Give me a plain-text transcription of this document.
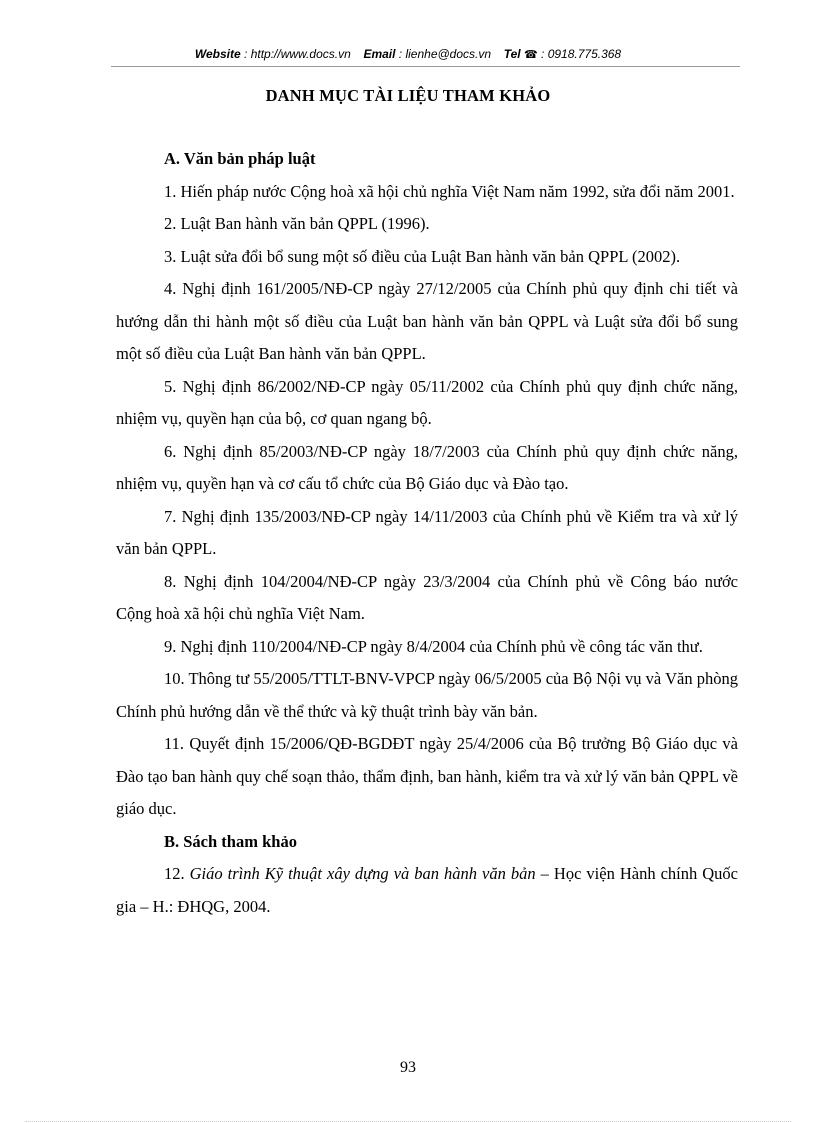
Website : http://www.docs.vn Email : lienhe@docs.vn Tel ☎ : 0918.775.368
DANH MỤC TÀI LIỆU THAM KHẢO
A. Văn bản pháp luật

1. Hiến pháp nước Cộng hoà xã hội chủ nghĩa Việt Nam năm 1992, sửa đổi năm 2001.

2. Luật Ban hành văn bản QPPL (1996).

3. Luật sửa đổi bổ sung một số điều của Luật Ban hành văn bản QPPL (2002).

4. Nghị định 161/2005/NĐ-CP ngày 27/12/2005 của Chính phủ quy định chi tiết và hướng dẫn thi hành một số điều của Luật ban hành văn bản QPPL và Luật sửa đổi bổ sung một số điều của Luật Ban hành văn bản QPPL.

5. Nghị định 86/2002/NĐ-CP ngày 05/11/2002 của Chính phủ quy định chức năng, nhiệm vụ, quyền hạn của bộ, cơ quan ngang bộ.

6. Nghị định 85/2003/NĐ-CP ngày 18/7/2003 của Chính phủ quy định chức năng, nhiệm vụ, quyền hạn và cơ cấu tổ chức của Bộ Giáo dục và Đào tạo.

7. Nghị định 135/2003/NĐ-CP ngày 14/11/2003 của Chính phủ về Kiểm tra và xử lý văn bản QPPL.

8. Nghị định 104/2004/NĐ-CP ngày 23/3/2004 của Chính phủ về Công báo nước Cộng hoà xã hội chủ nghĩa Việt Nam.

9. Nghị định 110/2004/NĐ-CP ngày 8/4/2004 của Chính phủ về công tác văn thư.

10. Thông tư 55/2005/TTLT-BNV-VPCP ngày 06/5/2005 của Bộ Nội vụ và Văn phòng Chính phủ hướng dẫn về thể thức và kỹ thuật trình bày văn bản.

11. Quyết định 15/2006/QĐ-BGDĐT ngày 25/4/2006 của Bộ trưởng Bộ Giáo dục và Đào tạo ban hành quy chế soạn thảo, thẩm định, ban hành, kiểm tra và xử lý văn bản QPPL về giáo dục.

B. Sách tham khảo

12. Giáo trình Kỹ thuật xây dựng và ban hành văn bản – Học viện Hành chính Quốc gia – H.: ĐHQG, 2004.

93
